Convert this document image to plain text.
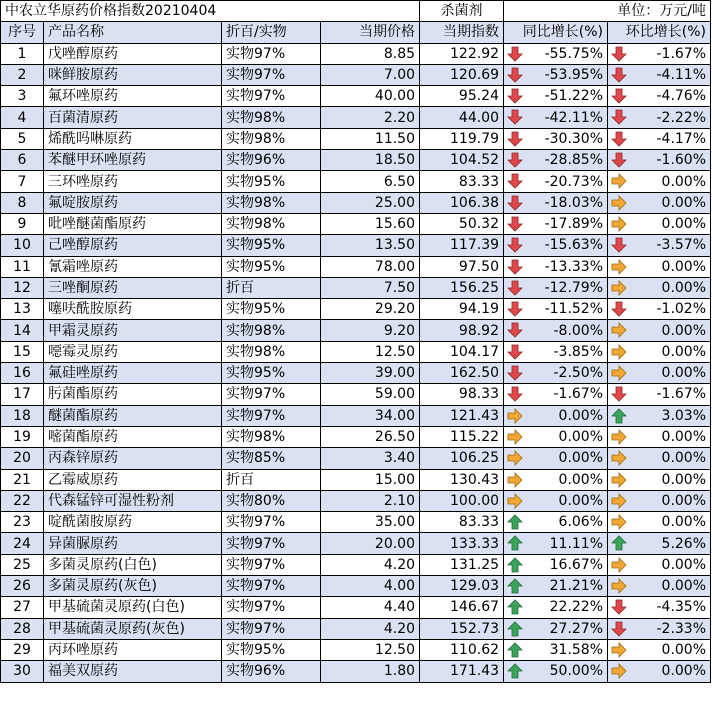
中农立华原药价格指数20210404				杀菌剂	单位：万元/吨	
序号	产品名称	折百/实物	当期价格	当期指数	同比增长(%)	环比增长(%)
1	戊唑醇原药	实物97%	8.85	122.92	-55.75%	-1.67%

2	咪鲜胺原药	实物97%	7.00	120.69	-53.95%	-4.11%

3	氟环唑原药	实物97%	40.00	95.24	-51.22%	-4.76%

4	百菌清原药	实物98%	2.20	44.00	-42.11%	-2.22%

5	烯酰吗啉原药	实物98%	11.50	119.79	-30.30%	-4.17%

6	苯醚甲环唑原药	实物96%	18.50	104.52	-28.85%	-1.60%

7	三环唑原药	实物95%	6.50	83.33	-20.73%	0.00%

8	氟啶胺原药	实物98%	25.00	106.38	-18.03%	0.00%

9	吡唑醚菌酯原药	实物98%	15.60	50.32	-17.89%	0.00%

10	己唑醇原药	实物95%	13.50	117.39	-15.63%	-3.57%

11	氰霜唑原药	实物95%	78.00	97.50	-13.33%	0.00%

12	三唑酮原药	折百	7.50	156.25	-12.79%	0.00%

13	噻呋酰胺原药	实物95%	29.20	94.19	-11.52%	-1.02%

14	甲霜灵原药	实物98%	9.20	98.92	-8.00%	0.00%

15	噁霉灵原药	实物98%	12.50	104.17	-3.85%	0.00%

16	氟硅唑原药	实物95%	39.00	162.50	-2.50%	0.00%

17	肟菌酯原药	实物97%	59.00	98.33	-1.67%	-1.67%

18	醚菌酯原药	实物97%	34.00	121.43	0.00%	3.03%

19	嘧菌酯原药	实物98%	26.50	115.22	0.00%	0.00%

20	丙森锌原药	实物85%	3.40	106.25	0.00%	0.00%

21	乙霉威原药	折百	15.00	130.43	0.00%	0.00%

22	代森锰锌可湿性粉剂	实物80%	2.10	100.00	0.00%	0.00%

23	啶酰菌胺原药	实物97%	35.00	83.33	6.06%	0.00%

24	异菌脲原药	实物97%	20.00	133.33	11.11%	5.26%

25	多菌灵原药(白色)	实物97%	4.20	131.25	16.67%	0.00%

26	多菌灵原药(灰色)	实物97%	4.00	129.03	21.21%	0.00%

27	甲基硫菌灵原药(白色)	实物97%	4.40	146.67	22.22%	-4.35%

28	甲基硫菌灵原药(灰色)	实物97%	4.20	152.73	27.27%	-2.33%

29	丙环唑原药	实物95%	12.50	110.62	31.58%	0.00%

30	福美双原药	实物96%	1.80	171.43	50.00%	0.00%
